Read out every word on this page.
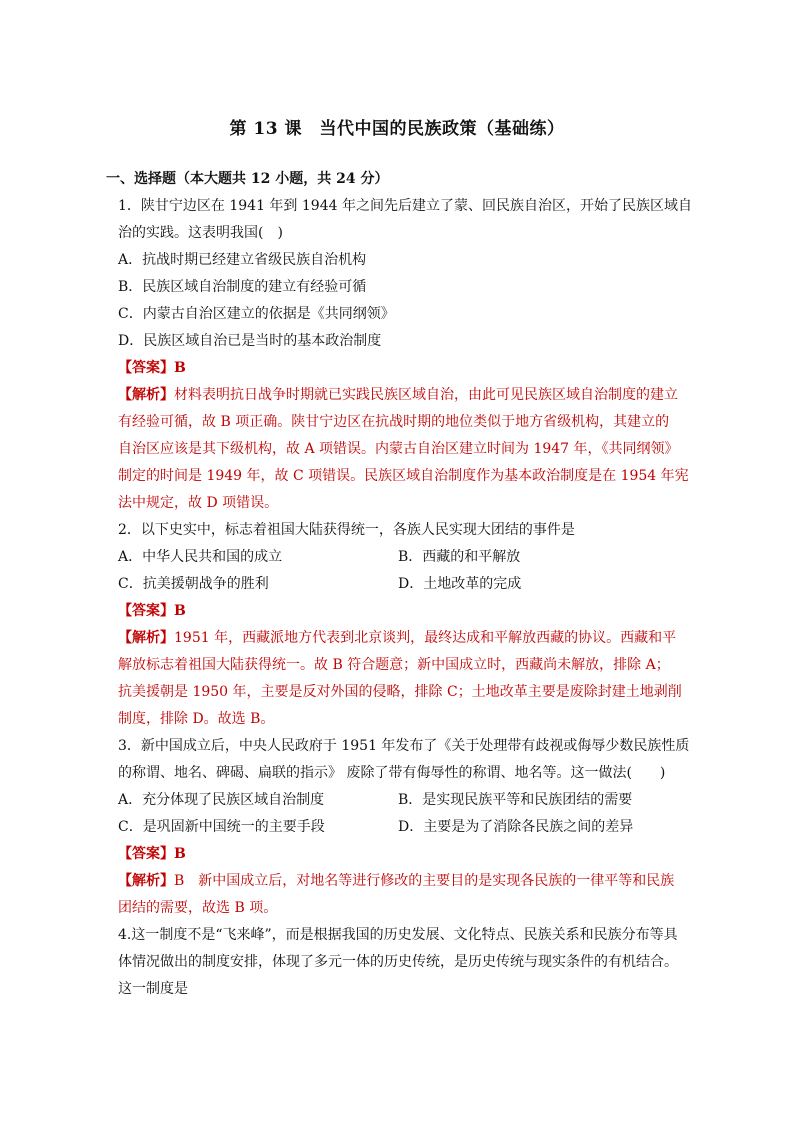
第 13 课　当代中国的民族政策（基础练）
一、选择题（本大题共 12 小题，共 24 分）
1．陕甘宁边区在 1941 年到 1944 年之间先后建立了蒙、回民族自治区，开始了民族区域自
治的实践。这表明我国(　)
A．抗战时期已经建立省级民族自治机构
B．民族区域自治制度的建立有经验可循
C．内蒙古自治区建立的依据是《共同纲领》
D．民族区域自治已是当时的基本政治制度
【答案】B
【解析】材料表明抗日战争时期就已实践民族区域自治，由此可见民族区域自治制度的建立
有经验可循，故 B 项正确。陕甘宁边区在抗战时期的地位类似于地方省级机构，其建立的
自治区应该是其下级机构，故 A 项错误。内蒙古自治区建立时间为 1947 年，《共同纲领》
制定的时间是 1949 年，故 C 项错误。民族区域自治制度作为基本政治制度是在 1954 年宪
法中规定，故 D 项错误。
2．以下史实中，标志着祖国大陆获得统一，各族人民实现大团结的事件是
A．中华人民共和国的成立	B．西藏的和平解放
C．抗美援朝战争的胜利	D．土地改革的完成
【答案】B
【解析】1951 年，西藏派地方代表到北京谈判，最终达成和平解放西藏的协议。西藏和平
解放标志着祖国大陆获得统一。故 B 符合题意；新中国成立时，西藏尚未解放，排除 A；
抗美援朝是 1950 年，主要是反对外国的侵略，排除 C；土地改革主要是废除封建土地剥削
制度，排除 D。故选 B。
3．新中国成立后，中央人民政府于 1951 年发布了《关于处理带有歧视或侮辱少数民族性质
的称谓、地名、碑碣、扁联的指示》 废除了带有侮辱性的称谓、地名等。这一做法(　　)
A．充分体现了民族区域自治制度	B．是实现民族平等和民族团结的需要
C．是巩固新中国统一的主要手段	D．主要是为了消除各民族之间的差异
【答案】B
【解析】B　新中国成立后，对地名等进行修改的主要目的是实现各民族的一律平等和民族
团结的需要，故选 B 项。
4.这一制度不是“飞来峰”，而是根据我国的历史发展、文化特点、民族关系和民族分布等具
体情况做出的制度安排，体现了多元一体的历史传统，是历史传统与现实条件的有机结合。
这一制度是
